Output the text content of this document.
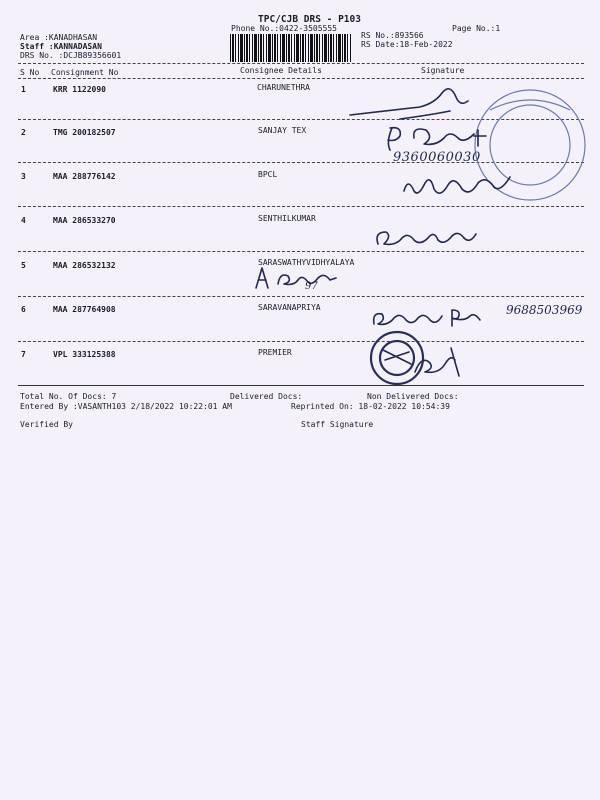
TPC/CJB DRS - P103
Phone No.:0422-3505555	Page No.:1
RS No.:893566
RS Date:18-Feb-2022
Area :KANADHASAN
Staff :KANNADASAN
DRS No. :DCJB89356601
S No Consignment No	Consignee Details	Signature
1	KRR 1122090	CHARUNETHRA
2	TMG 200182507	SANJAY TEX
3	MAA 288776142	BPCL
4	MAA 286533270	SENTHILKUMAR
5	MAA 286532132	SARASWATHYVIDHYALAYA
6	MAA 287764908	SARAVANAPRIYA
7	VPL 333125388	PREMIER
Total No. Of Docs: 7	Delivered Docs:	Non Delivered Docs:
Entered By :VASANTH103 2/18/2022 10:22:01 AM	Reprinted On: 18-02-2022 10:54:39
Verified By	Staff Signature
9360060030
97
9688503969
